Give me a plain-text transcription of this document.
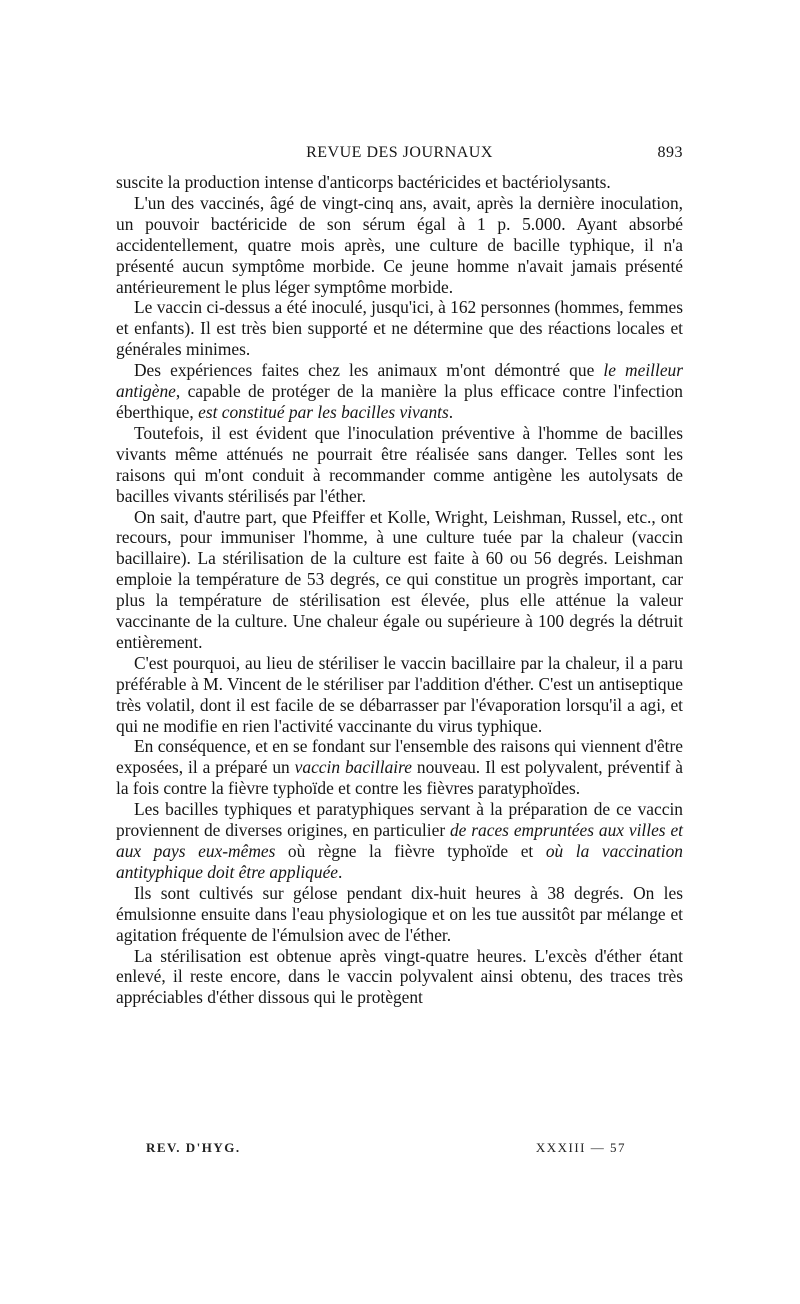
REVUE DES JOURNAUX	893

suscite la production intense d'anticorps bactéricides et bactériolysants.

L'un des vaccinés, âgé de vingt-cinq ans, avait, après la dernière inoculation, un pouvoir bactéricide de son sérum égal à 1 p. 5.000. Ayant absorbé accidentellement, quatre mois après, une culture de bacille typhique, il n'a présenté aucun symptôme morbide. Ce jeune homme n'avait jamais présenté antérieurement le plus léger symptôme morbide.

Le vaccin ci-dessus a été inoculé, jusqu'ici, à 162 personnes (hommes, femmes et enfants). Il est très bien supporté et ne détermine que des réactions locales et générales minimes.

Des expériences faites chez les animaux m'ont démontré que le meilleur antigène, capable de protéger de la manière la plus efficace contre l'infection éberthique, est constitué par les bacilles vivants.

Toutefois, il est évident que l'inoculation préventive à l'homme de bacilles vivants même atténués ne pourrait être réalisée sans danger. Telles sont les raisons qui m'ont conduit à recommander comme antigène les autolysats de bacilles vivants stérilisés par l'éther.

On sait, d'autre part, que Pfeiffer et Kolle, Wright, Leishman, Russel, etc., ont recours, pour immuniser l'homme, à une culture tuée par la chaleur (vaccin bacillaire). La stérilisation de la culture est faite à 60 ou 56 degrés. Leishman emploie la température de 53 degrés, ce qui constitue un progrès important, car plus la température de stérilisation est élevée, plus elle atténue la valeur vaccinante de la culture. Une chaleur égale ou supérieure à 100 degrés la détruit entièrement.

C'est pourquoi, au lieu de stériliser le vaccin bacillaire par la chaleur, il a paru préférable à M. Vincent de le stériliser par l'addition d'éther. C'est un antiseptique très volatil, dont il est facile de se débarrasser par l'évaporation lorsqu'il a agi, et qui ne modifie en rien l'activité vaccinante du virus typhique.

En conséquence, et en se fondant sur l'ensemble des raisons qui viennent d'être exposées, il a préparé un vaccin bacillaire nouveau. Il est polyvalent, préventif à la fois contre la fièvre typhoïde et contre les fièvres paratyphoïdes.

Les bacilles typhiques et paratyphiques servant à la préparation de ce vaccin proviennent de diverses origines, en particulier de races empruntées aux villes et aux pays eux-mêmes où règne la fièvre typhoïde et où la vaccination antityphique doit être appliquée.

Ils sont cultivés sur gélose pendant dix-huit heures à 38 degrés. On les émulsionne ensuite dans l'eau physiologique et on les tue aussitôt par mélange et agitation fréquente de l'émulsion avec de l'éther.

La stérilisation est obtenue après vingt-quatre heures. L'excès d'éther étant enlevé, il reste encore, dans le vaccin polyvalent ainsi obtenu, des traces très appréciables d'éther dissous qui le protègent

REV. D'HYG.	XXXIII — 57
